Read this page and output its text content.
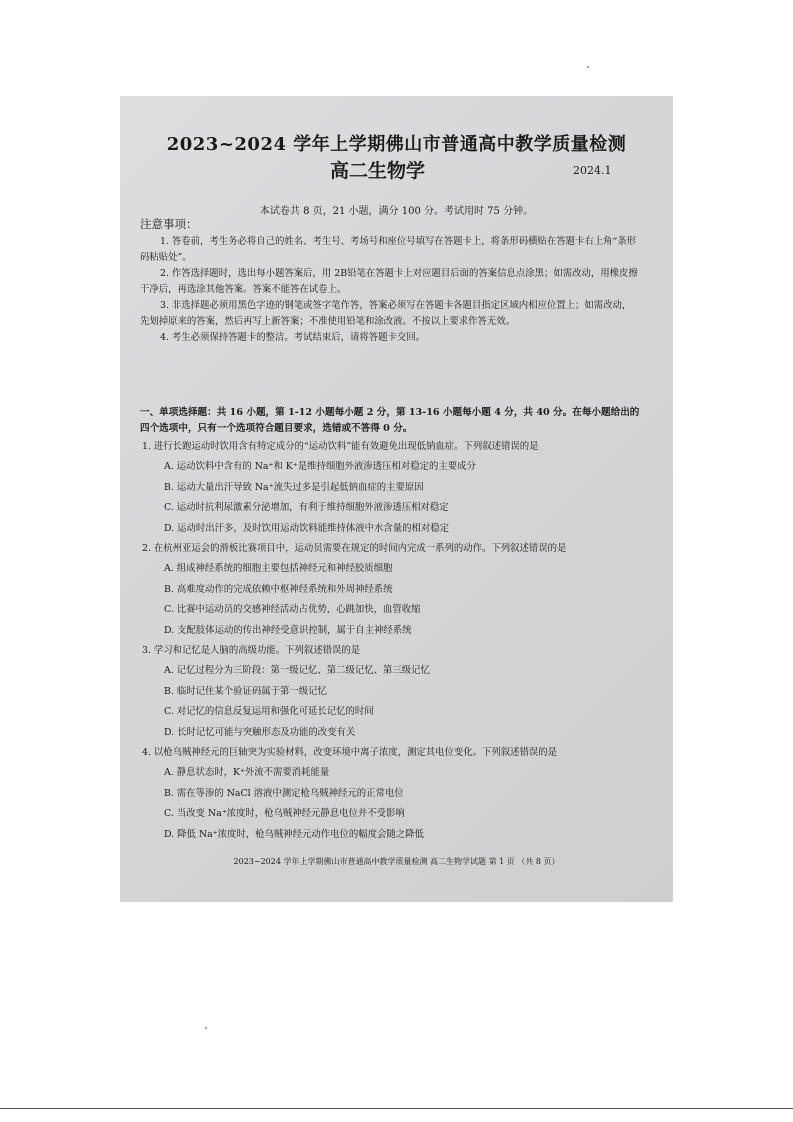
2023~2024 学年上学期佛山市普通高中教学质量检测
高二生物学	2024.1
本试卷共 8 页，21 小题，满分 100 分。考试用时 75 分钟。
注意事项：

1. 答卷前，考生务必将自己的姓名、考生号、考场号和座位号填写在答题卡上，将条形码横贴在答题卡右上角“条形码粘贴处”。

2. 作答选择题时，选出每小题答案后，用 2B铅笔在答题卡上对应题目后面的答案信息点涂黑；如需改动，用橡皮擦干净后，再选涂其他答案。答案不能答在试卷上。

3. 非选择题必须用黑色字迹的钢笔或签字笔作答，答案必须写在答题卡各题目指定区域内相应位置上；如需改动，先划掉原来的答案，然后再写上新答案；不准使用铅笔和涂改液。不按以上要求作答无效。

4. 考生必须保持答题卡的整洁。考试结束后，请将答题卡交回。

一、单项选择题：共 16 小题，第 1-12 小题每小题 2 分，第 13-16 小题每小题 4 分，共 40 分。在每小题给出的四个选项中，只有一个选项符合题目要求，选错或不答得 0 分。
1. 进行长跑运动时饮用含有特定成分的“运动饮料”能有效避免出现低钠血症。下列叙述错误的是
A. 运动饮料中含有的 Na⁺和 K⁺是维持细胞外液渗透压相对稳定的主要成分
B. 运动大量出汗导致 Na⁺流失过多是引起低钠血症的主要原因
C. 运动时抗利尿激素分泌增加，有利于维持细胞外液渗透压相对稳定
D. 运动时出汗多，及时饮用运动饮料能维持体液中水含量的相对稳定
2. 在杭州亚运会的滑板比赛项目中，运动员需要在规定的时间内完成一系列的动作。下列叙述错误的是
A. 组成神经系统的细胞主要包括神经元和神经胶质细胞
B. 高难度动作的完成依赖中枢神经系统和外周神经系统
C. 比赛中运动员的交感神经活动占优势，心跳加快，血管收缩
D. 支配肢体运动的传出神经受意识控制，属于自主神经系统
3. 学习和记忆是人脑的高级功能。下列叙述错误的是
A. 记忆过程分为三阶段：第一级记忆、第二级记忆、第三级记忆
B. 临时记住某个验证码属于第一级记忆
C. 对记忆的信息反复运用和强化可延长记忆的时间
D. 长时记忆可能与突触形态及功能的改变有关
4. 以枪乌贼神经元的巨轴突为实验材料，改变环境中离子浓度，测定其电位变化。下列叙述错误的是
A. 静息状态时，K⁺外流不需要消耗能量
B. 需在等渗的 NaCl 溶液中测定枪乌贼神经元的正常电位
C. 当改变 Na⁺浓度时，枪乌贼神经元静息电位并不受影响
D. 降低 Na⁺浓度时，枪乌贼神经元动作电位的幅度会随之降低
2023~2024 学年上学期佛山市普通高中教学质量检测 高二生物学试题 第 1 页 （共 8 页）
